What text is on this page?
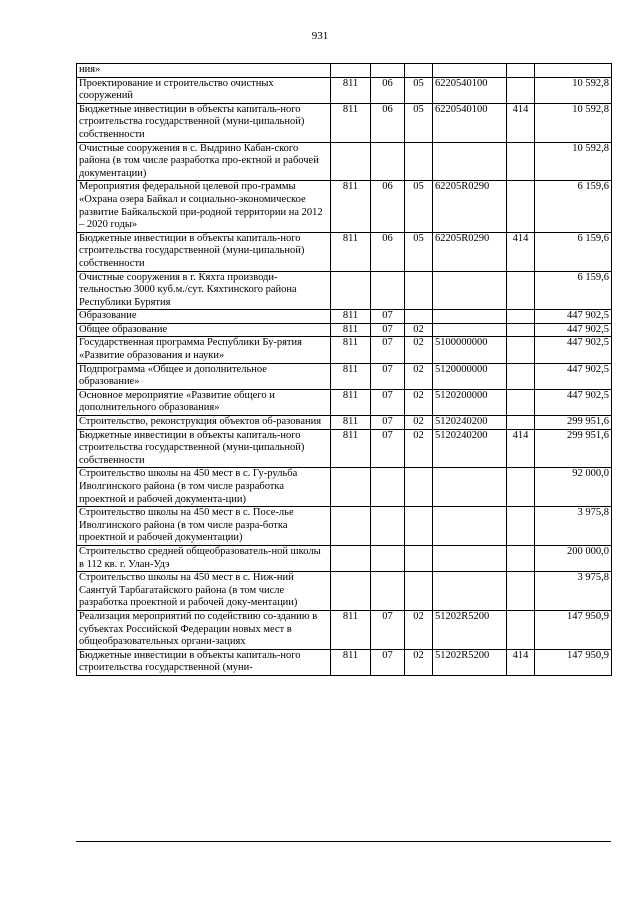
931
ния»						
Проектирование и строительство очистных сооружений	811	06	05	6220540100		10 592,8
Бюджетные инвестиции в объекты капиталь-ного строительства государственной (муни-ципальной) собственности	811	06	05	6220540100	414	10 592,8
Очистные сооружения в с. Выдрино Кабан-ского района (в том числе разработка про-ектной и рабочей документации)						10 592,8
Мероприятия федеральной целевой про-граммы «Охрана озера Байкал и социально-экономическое развитие Байкальской при-родной территории на 2012 – 2020 годы»	811	06	05	62205R0290		6 159,6
Бюджетные инвестиции в объекты капиталь-ного строительства государственной (муни-ципальной) собственности	811	06	05	62205R0290	414	6 159,6
Очистные сооружения в г. Кяхта производи-тельностью 3000 куб.м./сут. Кяхтинского района Республики Бурятия						6 159,6
Образование	811	07				447 902,5
Общее образование	811	07	02			447 902,5
Государственная программа Республики Бу-рятия «Развитие образования и науки»	811	07	02	5100000000		447 902,5
Подпрограмма «Общее и дополнительное образование»	811	07	02	5120000000		447 902,5
Основное мероприятие «Развитие общего и дополнительного образования»	811	07	02	5120200000		447 902,5
Строительство, реконструкция объектов об-разования	811	07	02	5120240200		299 951,6
Бюджетные инвестиции в объекты капиталь-ного строительства государственной (муни-ципальной) собственности	811	07	02	5120240200	414	299 951,6
Строительство школы на 450 мест в с. Гу-рульба Иволгинского района (в том числе разработка проектной и рабочей документа-ции)						92 000,0
Строительство школы на 450 мест в с. Посе-лье Иволгинского района (в том числе разра-ботка проектной и рабочей документации)						3 975,8
Строительство средней общеобразователь-ной школы в 112 кв. г. Улан-Удэ						200 000,0
Строительство школы на 450 мест в с. Ниж-ний Саянтуй Тарбагатайского района (в том числе разработка проектной и рабочей доку-ментации)						3 975,8
Реализация мероприятий по содействию со-зданию в субъектах Российской Федерации новых мест в общеобразовательных органи-зациях	811	07	02	51202R5200		147 950,9
Бюджетные инвестиции в объекты капиталь-ного строительства государственной (муни-	811	07	02	51202R5200	414	147 950,9
